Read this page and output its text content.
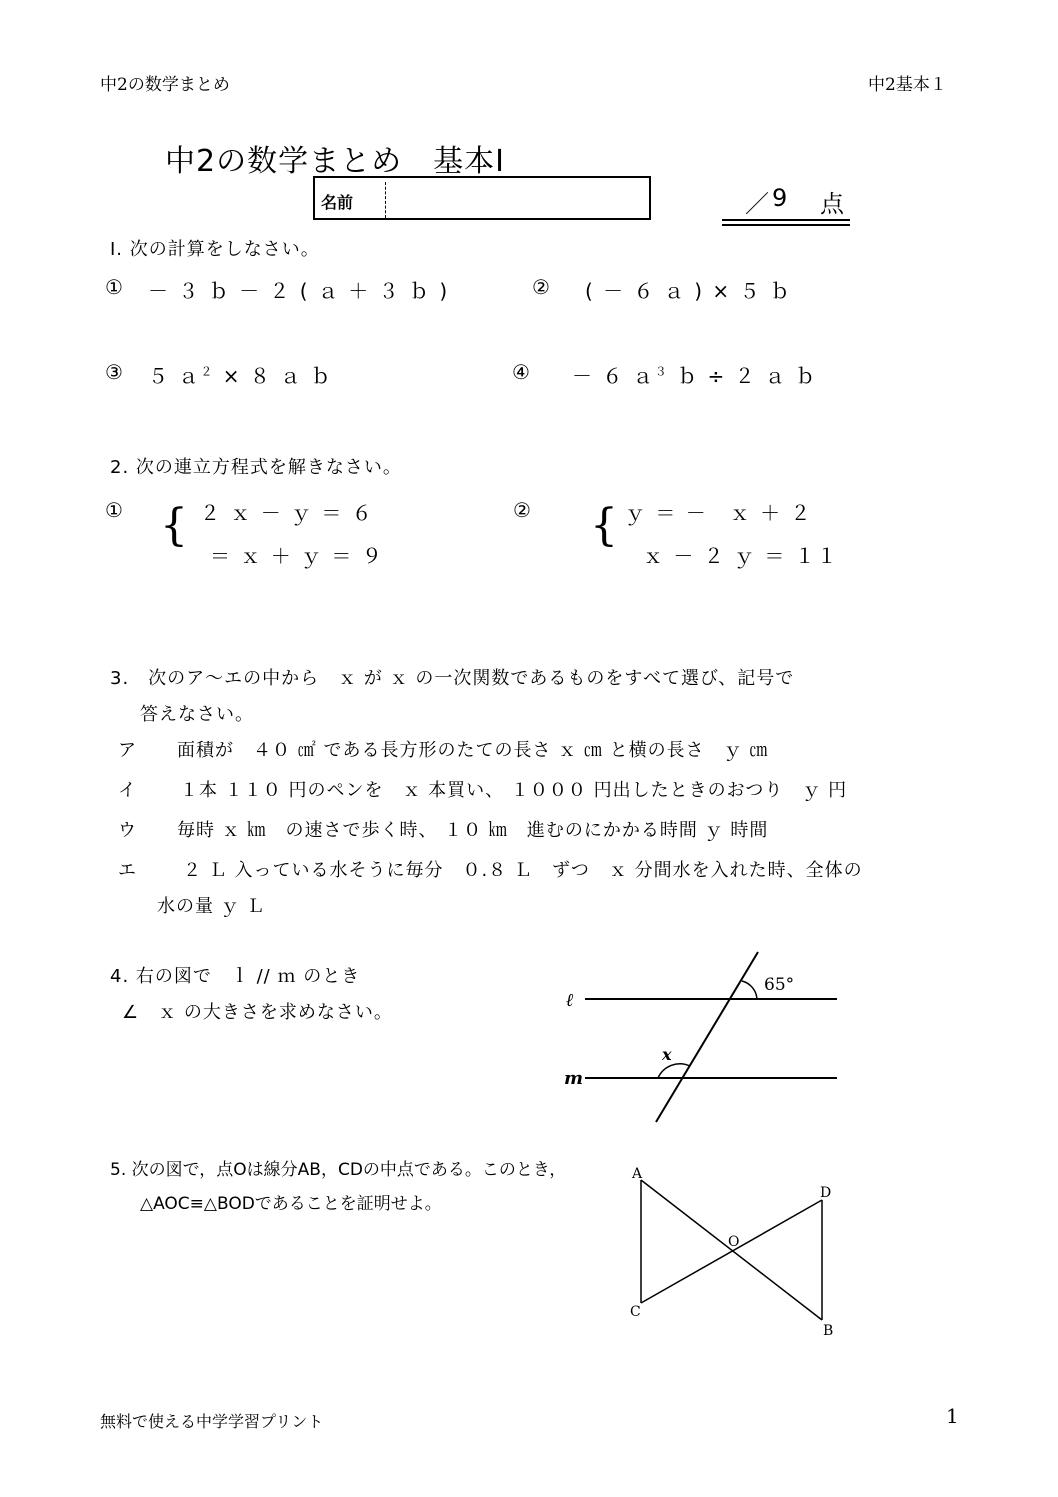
中2の数学まとめ	中2基本１
中2の数学まとめ　基本Ⅰ
名前	／ 9 点
Ⅰ. 次の計算をしなさい。
① － ３ ｂ － ２ ( ａ ＋ ３ ｂ )	② ( － ６ ａ ) × ５ ｂ
③ ５ ａ$^2$ × ８ ａ ｂ	④ － ６ ａ$^3$ ｂ ÷ ２ ａ ｂ
2. 次の連立方程式を解きなさい。
① { ２ ｘ － ｙ ＝ ６
＝ ｘ ＋ ｙ ＝ ９
② { ｙ ＝ －　ｘ ＋ ２
ｘ － ２ ｙ ＝ １１
3.　次のア～エの中から　ｘ が ｘ の一次関数であるものをすべて選び、記号で
答えなさい。
ア 面積が　４０ ㎠ である長方形のたての長さ ｘ ㎝ と横の長さ　ｙ ㎝
イ １本 １１０ 円のペンを　ｘ 本買い、 １０００ 円出したときのおつり　ｙ 円
ウ 毎時 ｘ ㎞　の速さで歩く時、 １０ ㎞　進むのにかかる時間 ｙ 時間
エ	２ Ｌ 入っている水そうに毎分　０.８ Ｌ　ずつ　ｘ 分間水を入れた時、全体の
水の量 ｙ Ｌ
4. 右の図で　ｌ // ｍ のとき
∠　ｘ の大きさを求めなさい。
65°
ℓ
m
x
5. 次の図で，点Oは線分AB，CDの中点である。このとき，
△AOC≡△BODであることを証明せよ。
A
D
O
C
B
無料で使える中学学習プリント	1
